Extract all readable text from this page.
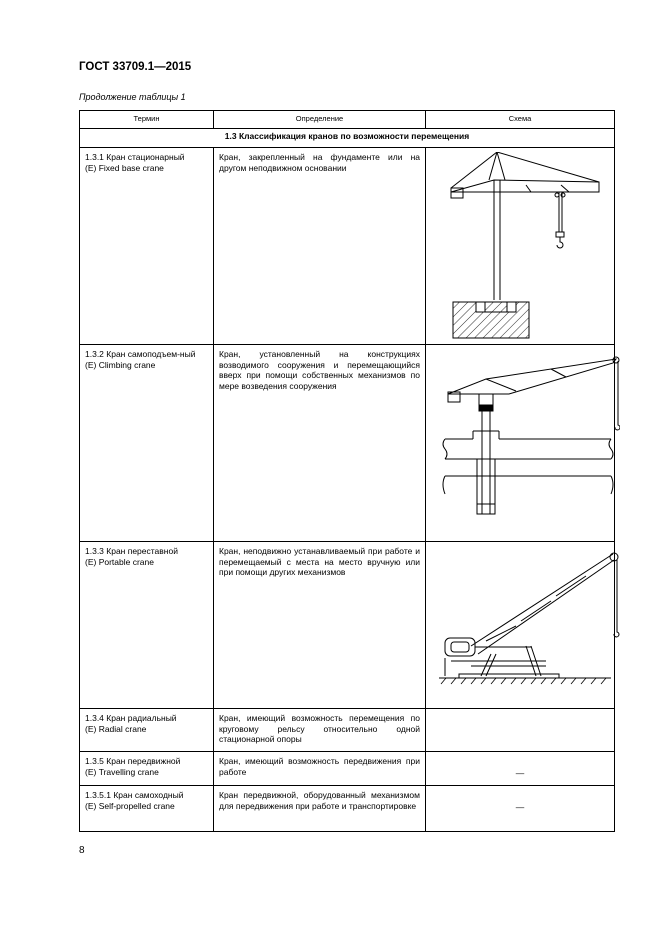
ГОСТ 33709.1—2015
Продолжение таблицы 1
Термин	Определение	Схема
1.3 Классификация кранов по возможности перемещения		
1.3.1 Кран стационарный
(E) Fixed base crane	Кран, закрепленный на фундаменте или на другом неподвижном основании	

1.3.2 Кран самоподъем-ный
(E) Climbing crane	Кран, установленный на конструкциях возводимого сооружения и перемещающийся вверх при помощи собственных механизмов по мере возведения сооружения	

1.3.3 Кран переставной
(E) Portable crane	Кран, неподвижно устанавливаемый при работе и перемещаемый с места на место вручную или при помощи других механизмов	

1.3.4 Кран радиальный
(E) Radial crane	Кран, имеющий возможность перемещения по круговому рельсу относительно одной стационарной опоры	
1.3.5 Кран передвижной
(E) Travelling crane	Кран, имеющий возможность передвижения при работе	—

1.3.5.1 Кран самоходный
(E) Self-propelled crane	Кран передвижной, оборудованный механизмом для передвижения при работе и транспортировке	—
8
